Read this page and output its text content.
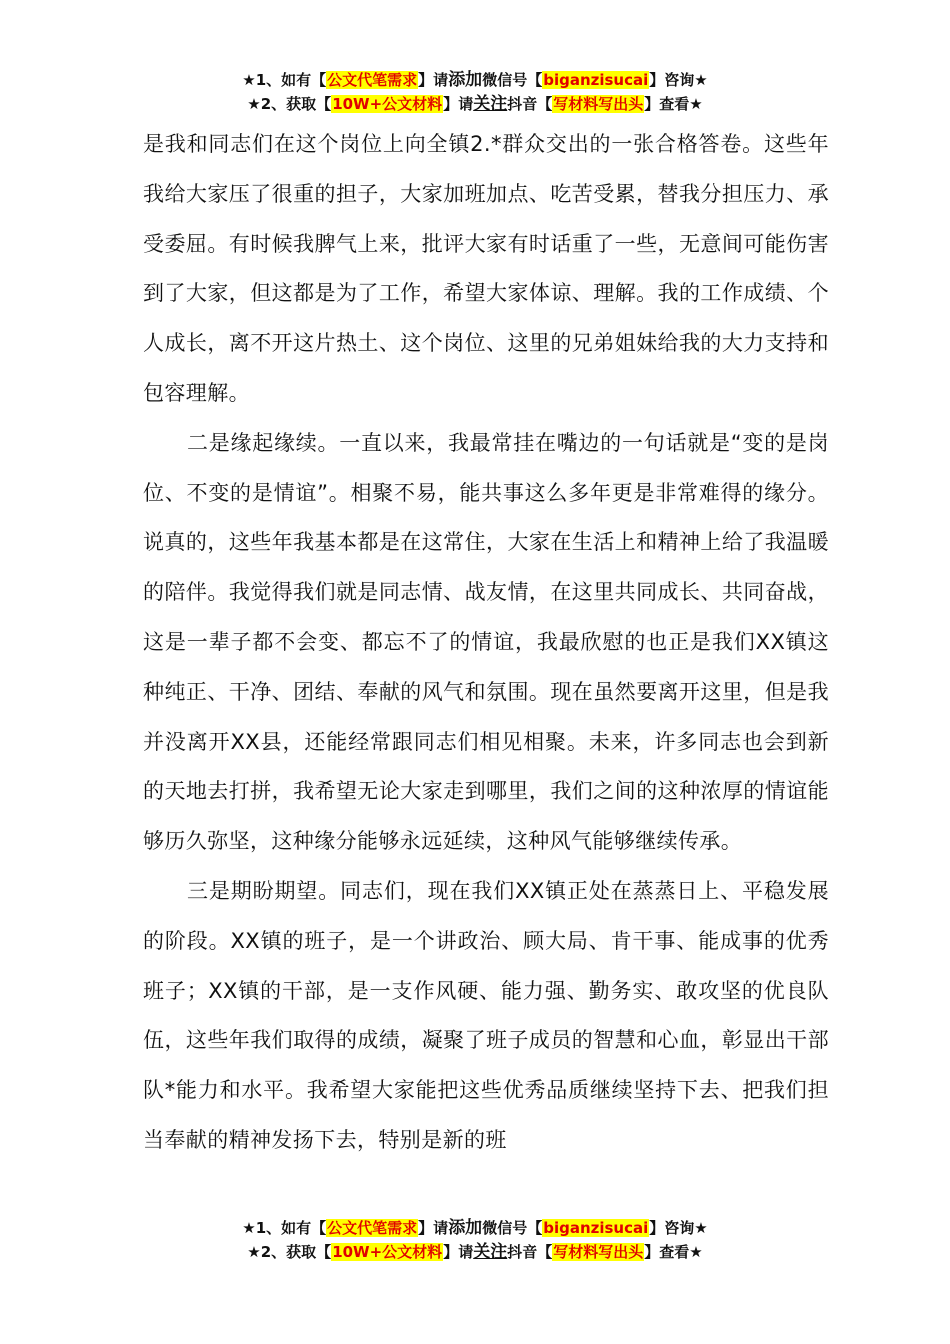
★1、如有【公文代笔需求】请添加微信号【biganzisucai】咨询★
★2、获取【10W+公文材料】请关注抖音【写材料写出头】查看★

是我和同志们在这个岗位上向全镇2.*群众交出的一张合格答卷。这些年我给大家压了很重的担子，大家加班加点、吃苦受累，替我分担压力、承受委屈。有时候我脾气上来，批评大家有时话重了一些，无意间可能伤害到了大家，但这都是为了工作，希望大家体谅、理解。我的工作成绩、个人成长，离不开这片热土、这个岗位、这里的兄弟姐妹给我的大力支持和包容理解。

二是缘起缘续。一直以来，我最常挂在嘴边的一句话就是“变的是岗位、不变的是情谊”。相聚不易，能共事这么多年更是非常难得的缘分。说真的，这些年我基本都是在这常住，大家在生活上和精神上给了我温暖的陪伴。我觉得我们就是同志情、战友情，在这里共同成长、共同奋战，这是一辈子都不会变、都忘不了的情谊，我最欣慰的也正是我们XX镇这种纯正、干净、团结、奉献的风气和氛围。现在虽然要离开这里，但是我并没离开XX县，还能经常跟同志们相见相聚。未来，许多同志也会到新的天地去打拼，我希望无论大家走到哪里，我们之间的这种浓厚的情谊能够历久弥坚，这种缘分能够永远延续，这种风气能够继续传承。

三是期盼期望。同志们，现在我们XX镇正处在蒸蒸日上、平稳发展的阶段。XX镇的班子，是一个讲政治、顾大局、肯干事、能成事的优秀班子；XX镇的干部，是一支作风硬、能力强、勤务实、敢攻坚的优良队伍，这些年我们取得的成绩，凝聚了班子成员的智慧和心血，彰显出干部队*能力和水平。我希望大家能把这些优秀品质继续坚持下去、把我们担当奉献的精神发扬下去，特别是新的班

★1、如有【公文代笔需求】请添加微信号【biganzisucai】咨询★
★2、获取【10W+公文材料】请关注抖音【写材料写出头】查看★
